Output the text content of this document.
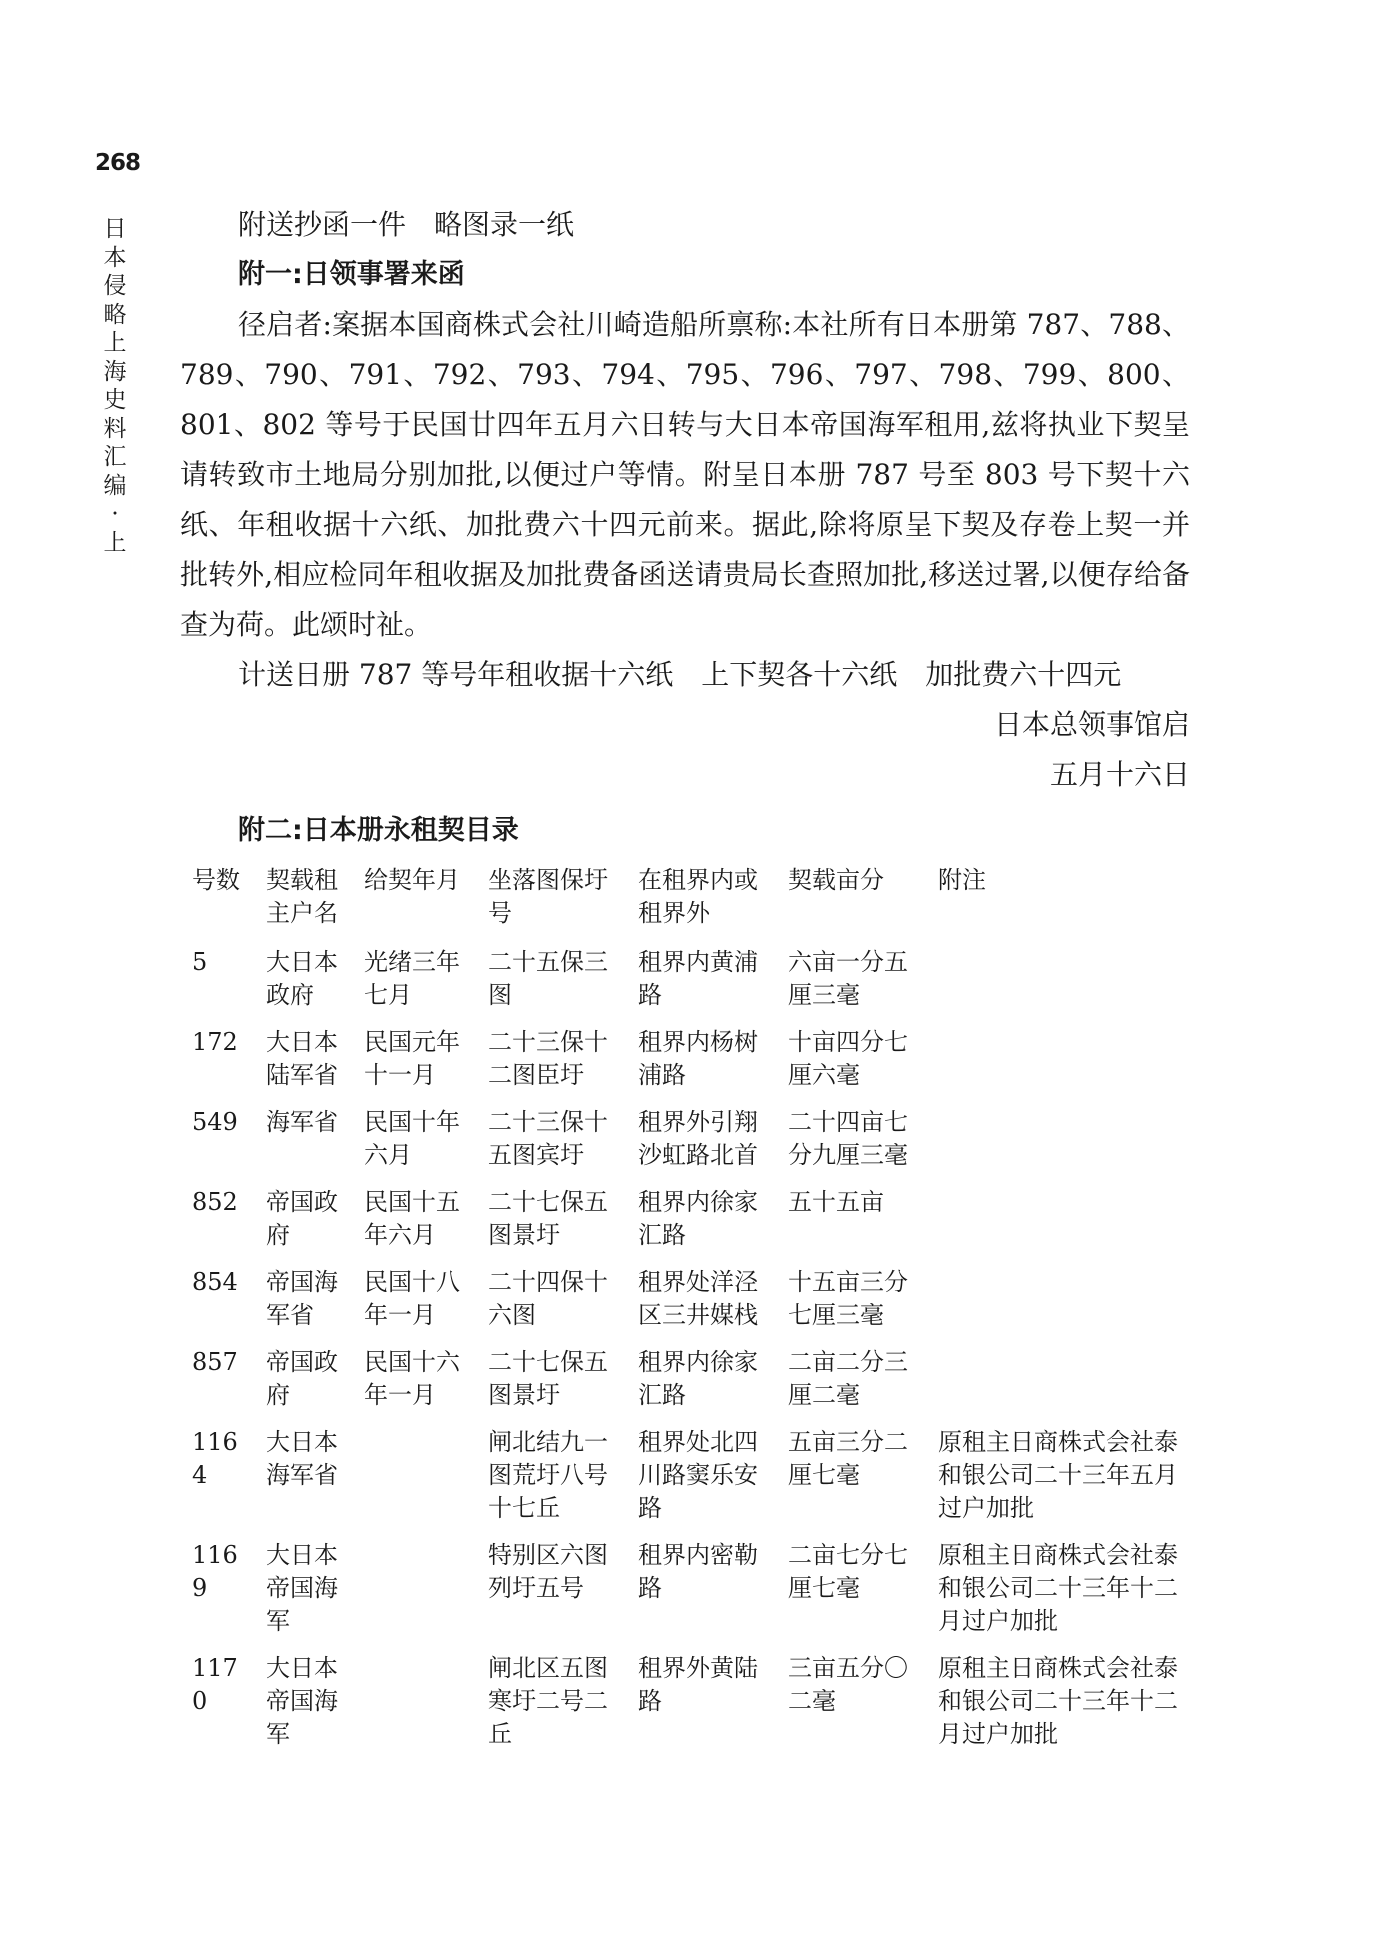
268
日本侵略上海史料汇编·上

附送抄函一件　略图录一纸

附一:日领事署来函

径启者:案据本国商株式会社川崎造船所禀称:本社所有日本册第 787、788、789、790、791、792、793、794、795、796、797、798、799、800、801、802 等号于民国廿四年五月六日转与大日本帝国海军租用,兹将执业下契呈请转致市土地局分别加批,以便过户等情。附呈日本册 787 号至 803 号下契十六纸、年租收据十六纸、加批费六十四元前来。据此,除将原呈下契及存卷上契一并批转外,相应检同年租收据及加批费备函送请贵局长查照加批,移送过署,以便存给备查为荷。此颂时祉。

计送日册 787 等号年租收据十六纸　上下契各十六纸　加批费六十四元

日本总领事馆启

五月十六日

附二:日本册永租契目录

号数	契载租主户名	给契年月	坐落图保圩号	在租界内或租界外	契载亩分	附注
5	大日本政府	光绪三年七月	二十五保三图	租界内黄浦路	六亩一分五厘三毫	
172	大日本陆军省	民国元年十一月	二十三保十二图臣圩	租界内杨树浦路	十亩四分七厘六毫	
549	海军省	民国十年六月	二十三保十五图宾圩	租界外引翔沙虹路北首	二十四亩七分九厘三毫	
852	帝国政府	民国十五年六月	二十七保五图景圩	租界内徐家汇路	五十五亩	
854	帝国海军省	民国十八年一月	二十四保十六图	租界处洋泾区三井媒栈	十五亩三分七厘三毫	
857	帝国政府	民国十六年一月	二十七保五图景圩	租界内徐家汇路	二亩二分三厘二毫	
1164	大日本海军省		闸北结九一图荒圩八号十七丘	租界处北四川路窦乐安路	五亩三分二厘七毫	原租主日商株式会社泰和银公司二十三年五月过户加批
1169	大日本帝国海军		特别区六图列圩五号	租界内密勒路	二亩七分七厘七毫	原租主日商株式会社泰和银公司二十三年十二月过户加批
1170	大日本帝国海军		闸北区五图寒圩二号二丘	租界外黄陆路	三亩五分〇二毫	原租主日商株式会社泰和银公司二十三年十二月过户加批
